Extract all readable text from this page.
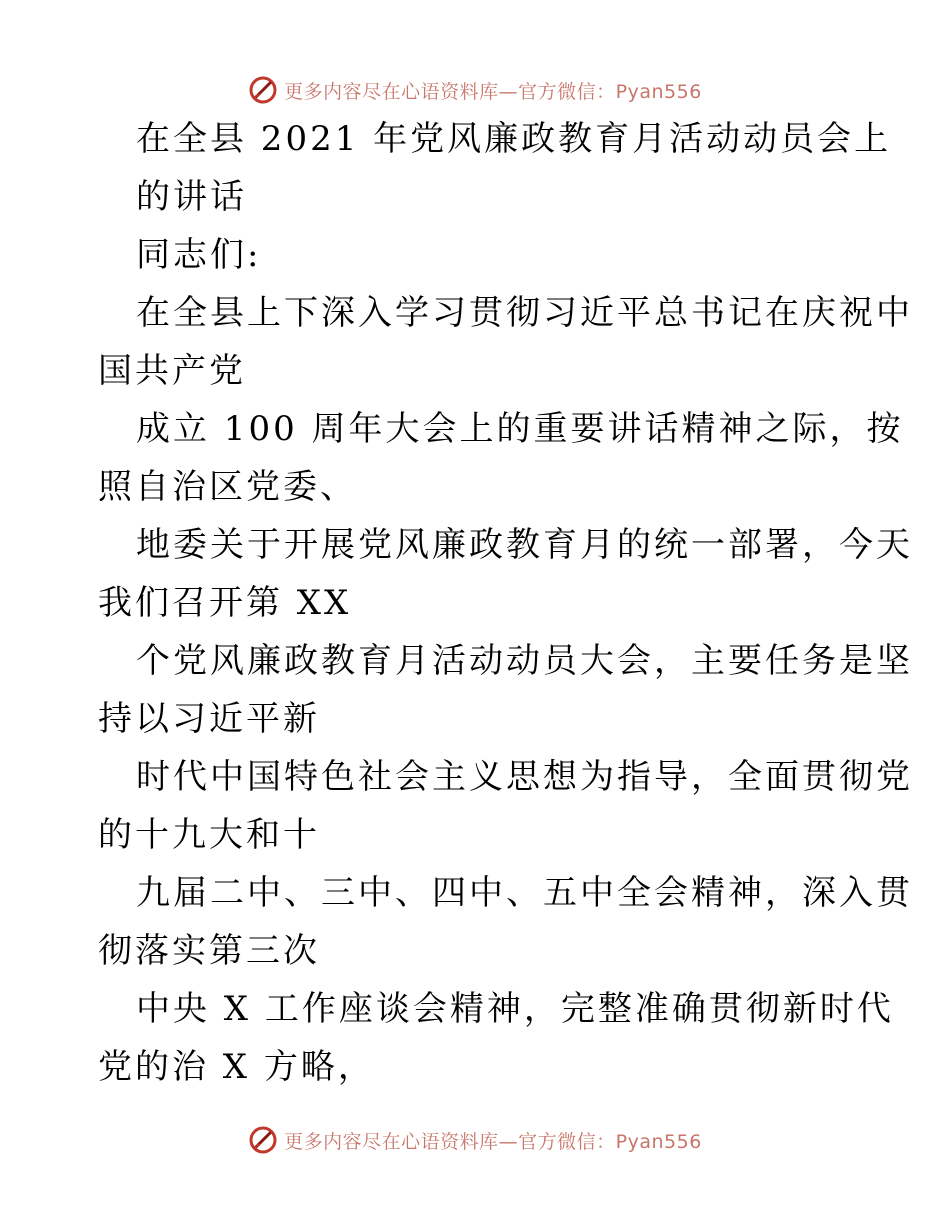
更多内容尽在心语资料库—官方微信：Pyan556
在全县 2021 年党风廉政教育月活动动员会上
的讲话
同志们:
在全县上下深入学习贯彻习近平总书记在庆祝中
国共产党
成立 100 周年大会上的重要讲话精神之际，按
照自治区党委、
地委关于开展党风廉政教育月的统一部署，今天
我们召开第 XX
个党风廉政教育月活动动员大会，主要任务是坚
持以习近平新
时代中国特色社会主义思想为指导，全面贯彻党
的十九大和十
九届二中、三中、四中、五中全会精神，深入贯
彻落实第三次
中央 X 工作座谈会精神，完整准确贯彻新时代
党的治 X 方略，
更多内容尽在心语资料库—官方微信：Pyan556
